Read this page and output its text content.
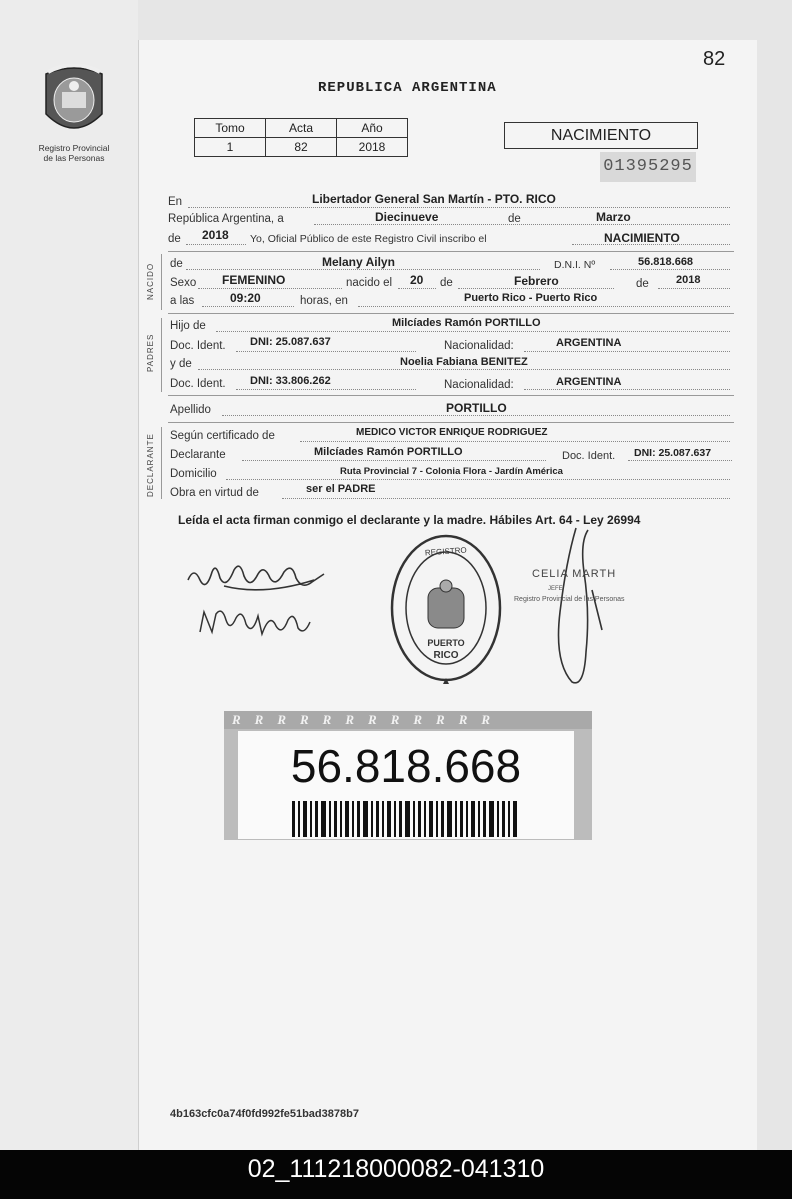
Registro Provincial
de las Personas
82
REPUBLICA ARGENTINA
Tomo	Acta	Año
1	82	2018
NACIMIENTO
01395295
En	Libertador General San Martín - PTO. RICO
República Argentina, a	Diecinueve	de	Marzo
de 2018 Yo, Oficial Público de este Registro Civil inscribo el	NACIMIENTO
NACIDO de	Melany Ailyn	D.N.I. Nº	56.818.668
Sexo FEMENINO	nacido el 20 de	Febrero	de 2018
a las	09:20	horas, en	Puerto Rico - Puerto Rico
PADRES
Hijo de	Milcíades Ramón PORTILLO
Doc. Ident. DNI: 25.087.637	Nacionalidad:	ARGENTINA
y de	Noelia Fabiana BENITEZ
Doc. Ident. DNI: 33.806.262	Nacionalidad:	ARGENTINA
Apellido	PORTILLO
DECLARANTE Según certificado de	MEDICO VICTOR ENRIQUE RODRIGUEZ
Declarante	Milcíades Ramón PORTILLO	Doc. Ident. DNI: 25.087.637
Domicilio	Ruta Provincial 7 - Colonia Flora - Jardín América
Obra en virtud de	ser el PADRE
Leída el acta firman conmigo el declarante y la madre. Hábiles Art. 64 - Ley 26994
REGISTRO
RICO
PUERTO
CELIA MARTH
JEFE
Registro Provincial de las Personas
RRRRRRRRRRRR
56.818.668
4b163cfc0a74f0fd992fe51bad3878b7
02_111218000082-041310
